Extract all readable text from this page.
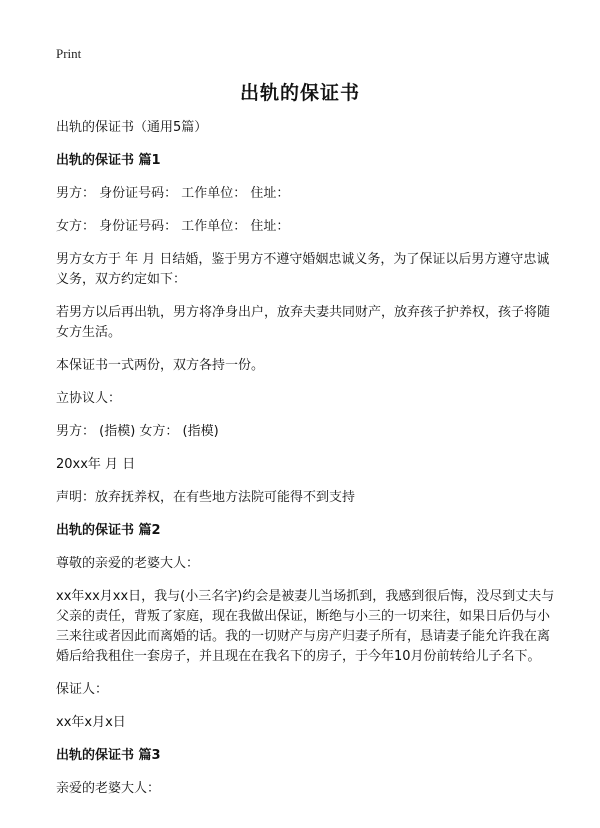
Print
出轨的保证书
出轨的保证书（通用5篇）
出轨的保证书 篇1
男方： 身份证号码： 工作单位： 住址：
女方： 身份证号码： 工作单位： 住址：
男方女方于 年 月 日结婚，鉴于男方不遵守婚姻忠诚义务，为了保证以后男方遵守忠诚义务，双方约定如下：
若男方以后再出轨，男方将净身出户，放弃夫妻共同财产，放弃孩子护养权，孩子将随女方生活。
本保证书一式两份，双方各持一份。
立协议人：
男方： (指模) 女方： (指模)
20xx年 月 日
声明：放弃抚养权，在有些地方法院可能得不到支持
出轨的保证书 篇2
尊敬的亲爱的老婆大人：
xx年xx月xx日，我与(小三名字)约会是被妻儿当场抓到，我感到很后悔，没尽到丈夫与父亲的责任，背叛了家庭，现在我做出保证，断绝与小三的一切来往，如果日后仍与小三来往或者因此而离婚的话。我的一切财产与房产归妻子所有，恳请妻子能允许我在离婚后给我租住一套房子，并且现在在我名下的房子，于今年10月份前转给儿子名下。
保证人：
xx年x月x日
出轨的保证书 篇3
亲爱的老婆大人：
